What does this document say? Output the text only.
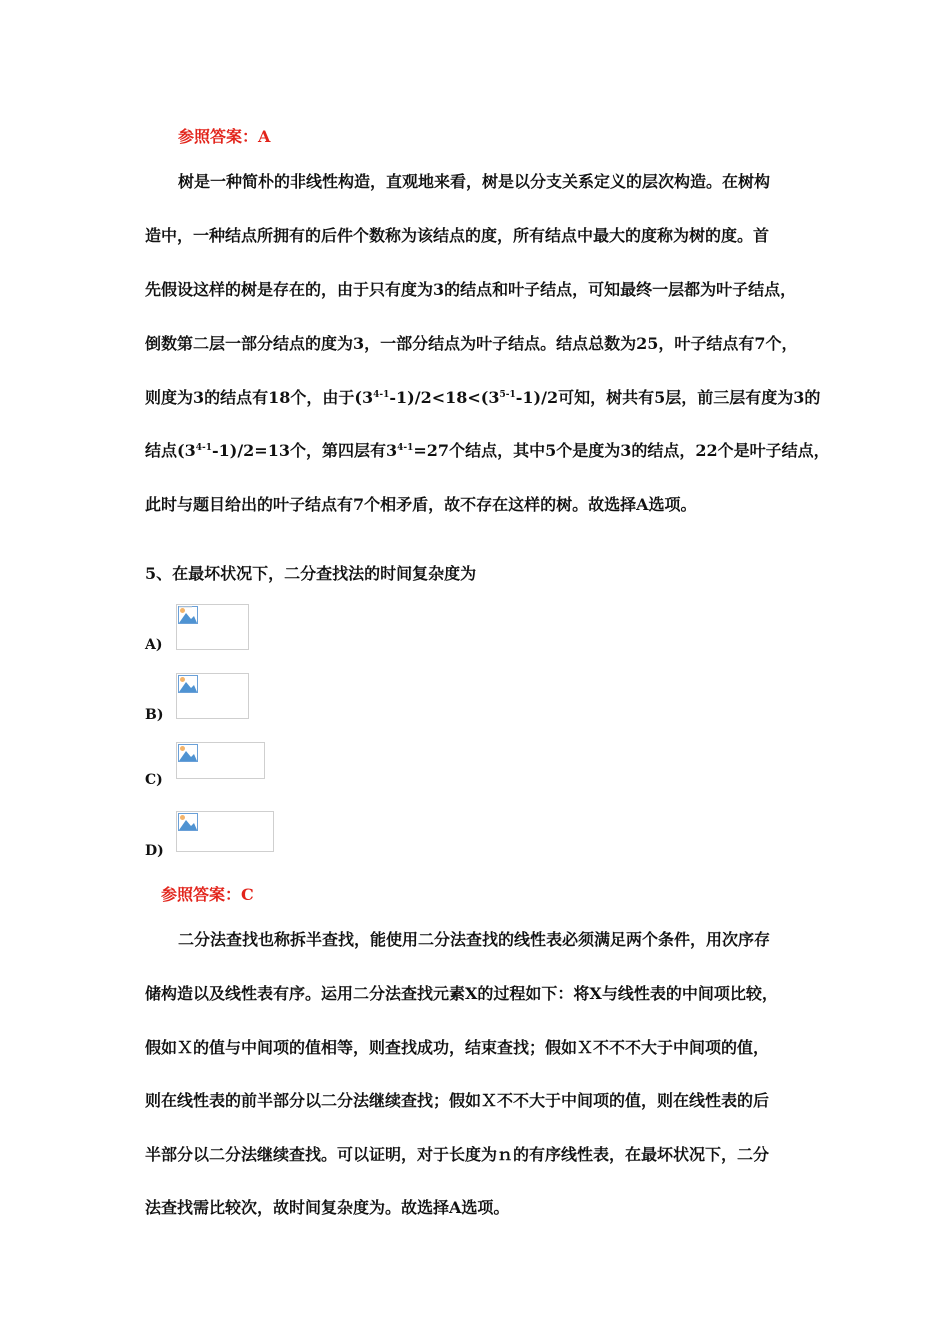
参照答案：A
树是一种简朴的非线性构造，直观地来看，树是以分支关系定义的层次构造。在树构
造中，一种结点所拥有的后件个数称为该结点的度，所有结点中最大的度称为树的度。首
先假设这样的树是存在的，由于只有度为3的结点和叶子结点，可知最终一层都为叶子结点，
倒数第二层一部分结点的度为3，一部分结点为叶子结点。结点总数为25，叶子结点有7个，
则度为3的结点有18个，由于$(3^{4-1}-1)/2<18<(3^{5-1}-1)/2$可知，树共有5层，前三层有度为3的
结点$(3^{4-1}-1)/2=13$个，第四层有$3^{4-1}=27$个结点，其中5个是度为3的结点，22个是叶子结点，
此时与题目给出的叶子结点有7个相矛盾，故不存在这样的树。故选择A选项。
5、在最坏状况下，二分查找法的时间复杂度为
A)
B)
C)
D)
参照答案：C
二分法查找也称拆半查找，能使用二分法查找的线性表必须满足两个条件，用次序存
储构造以及线性表有序。运用二分法查找元素X的过程如下：将X与线性表的中间项比较，
假如Ｘ的值与中间项的值相等，则查找成功，结束查找；假如Ｘ不不不大于中间项的值，
则在线性表的前半部分以二分法继续查找；假如Ｘ不不大于中间项的值，则在线性表的后
半部分以二分法继续查找。可以证明，对于长度为ｎ的有序线性表，在最坏状况下，二分
法查找需比较次，故时间复杂度为。故选择A选项。
